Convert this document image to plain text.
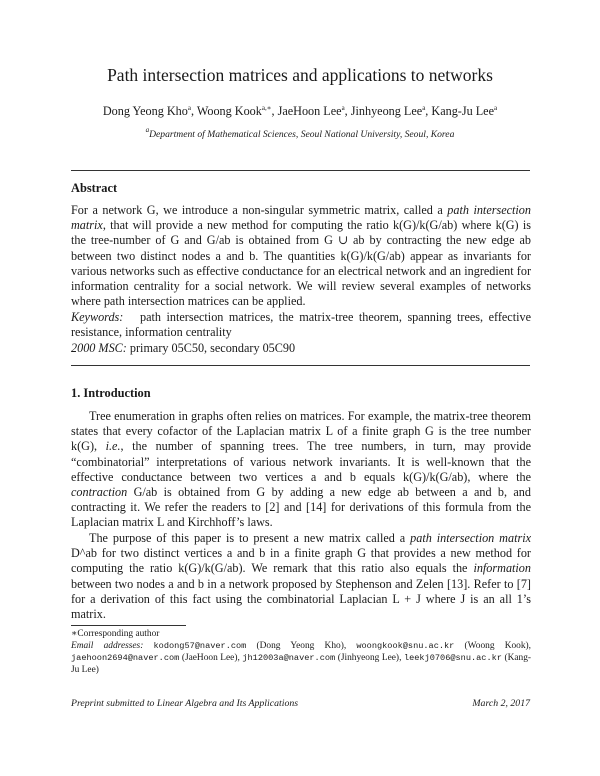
Path intersection matrices and applications to networks
Dong Yeong Kho$^a$, Woong Kook$^{a,∗}$, JaeHoon Lee$^a$, Jinhyeong Lee$^a$, Kang-Ju Lee$^a$
$^a$Department of Mathematical Sciences, Seoul National University, Seoul, Korea
Abstract
For a network G, we introduce a non-singular symmetric matrix, called a path intersection matrix, that will provide a new method for computing the ratio k(G)/k(G/ab) where k(G) is the tree-number of G and G/ab is obtained from G ∪ ab by contracting the new edge ab between two distinct nodes a and b. The quantities k(G)/k(G/ab) appear as invariants for various networks such as effective conductance for an electrical network and an ingredient for information centrality for a social network. We will review several examples of networks where path intersection matrices can be applied.
Keywords: path intersection matrices, the matrix-tree theorem, spanning trees, effective resistance, information centrality
2000 MSC: primary 05C50, secondary 05C90
1. Introduction
Tree enumeration in graphs often relies on matrices. For example, the matrix-tree theorem states that every cofactor of the Laplacian matrix L of a finite graph G is the tree number k(G), i.e., the number of spanning trees. The tree numbers, in turn, may provide “combinatorial” interpretations of various network invariants. It is well-known that the effective conductance between two vertices a and b equals k(G)/k(G/ab), where the contraction G/ab is obtained from G by adding a new edge ab between a and b, and contracting it. We refer the readers to [2] and [14] for derivations of this formula from the Laplacian matrix L and Kirchhoff’s laws.
The purpose of this paper is to present a new matrix called a path intersection matrix D^ab for two distinct vertices a and b in a finite graph G that provides a new method for computing the ratio k(G)/k(G/ab). We remark that this ratio also equals the information between two nodes a and b in a network proposed by Stephenson and Zelen [13]. Refer to [7] for a derivation of this fact using the combinatorial Laplacian L + J where J is an all 1’s matrix.
∗Corresponding author
Email addresses: kodong57@naver.com (Dong Yeong Kho), woongkook@snu.ac.kr (Woong Kook), jaehoon2694@naver.com (JaeHoon Lee), jh12003a@naver.com (Jinhyeong Lee), leekj0706@snu.ac.kr (Kang-Ju Lee)
Preprint submitted to Linear Algebra and Its Applications	March 2, 2017
